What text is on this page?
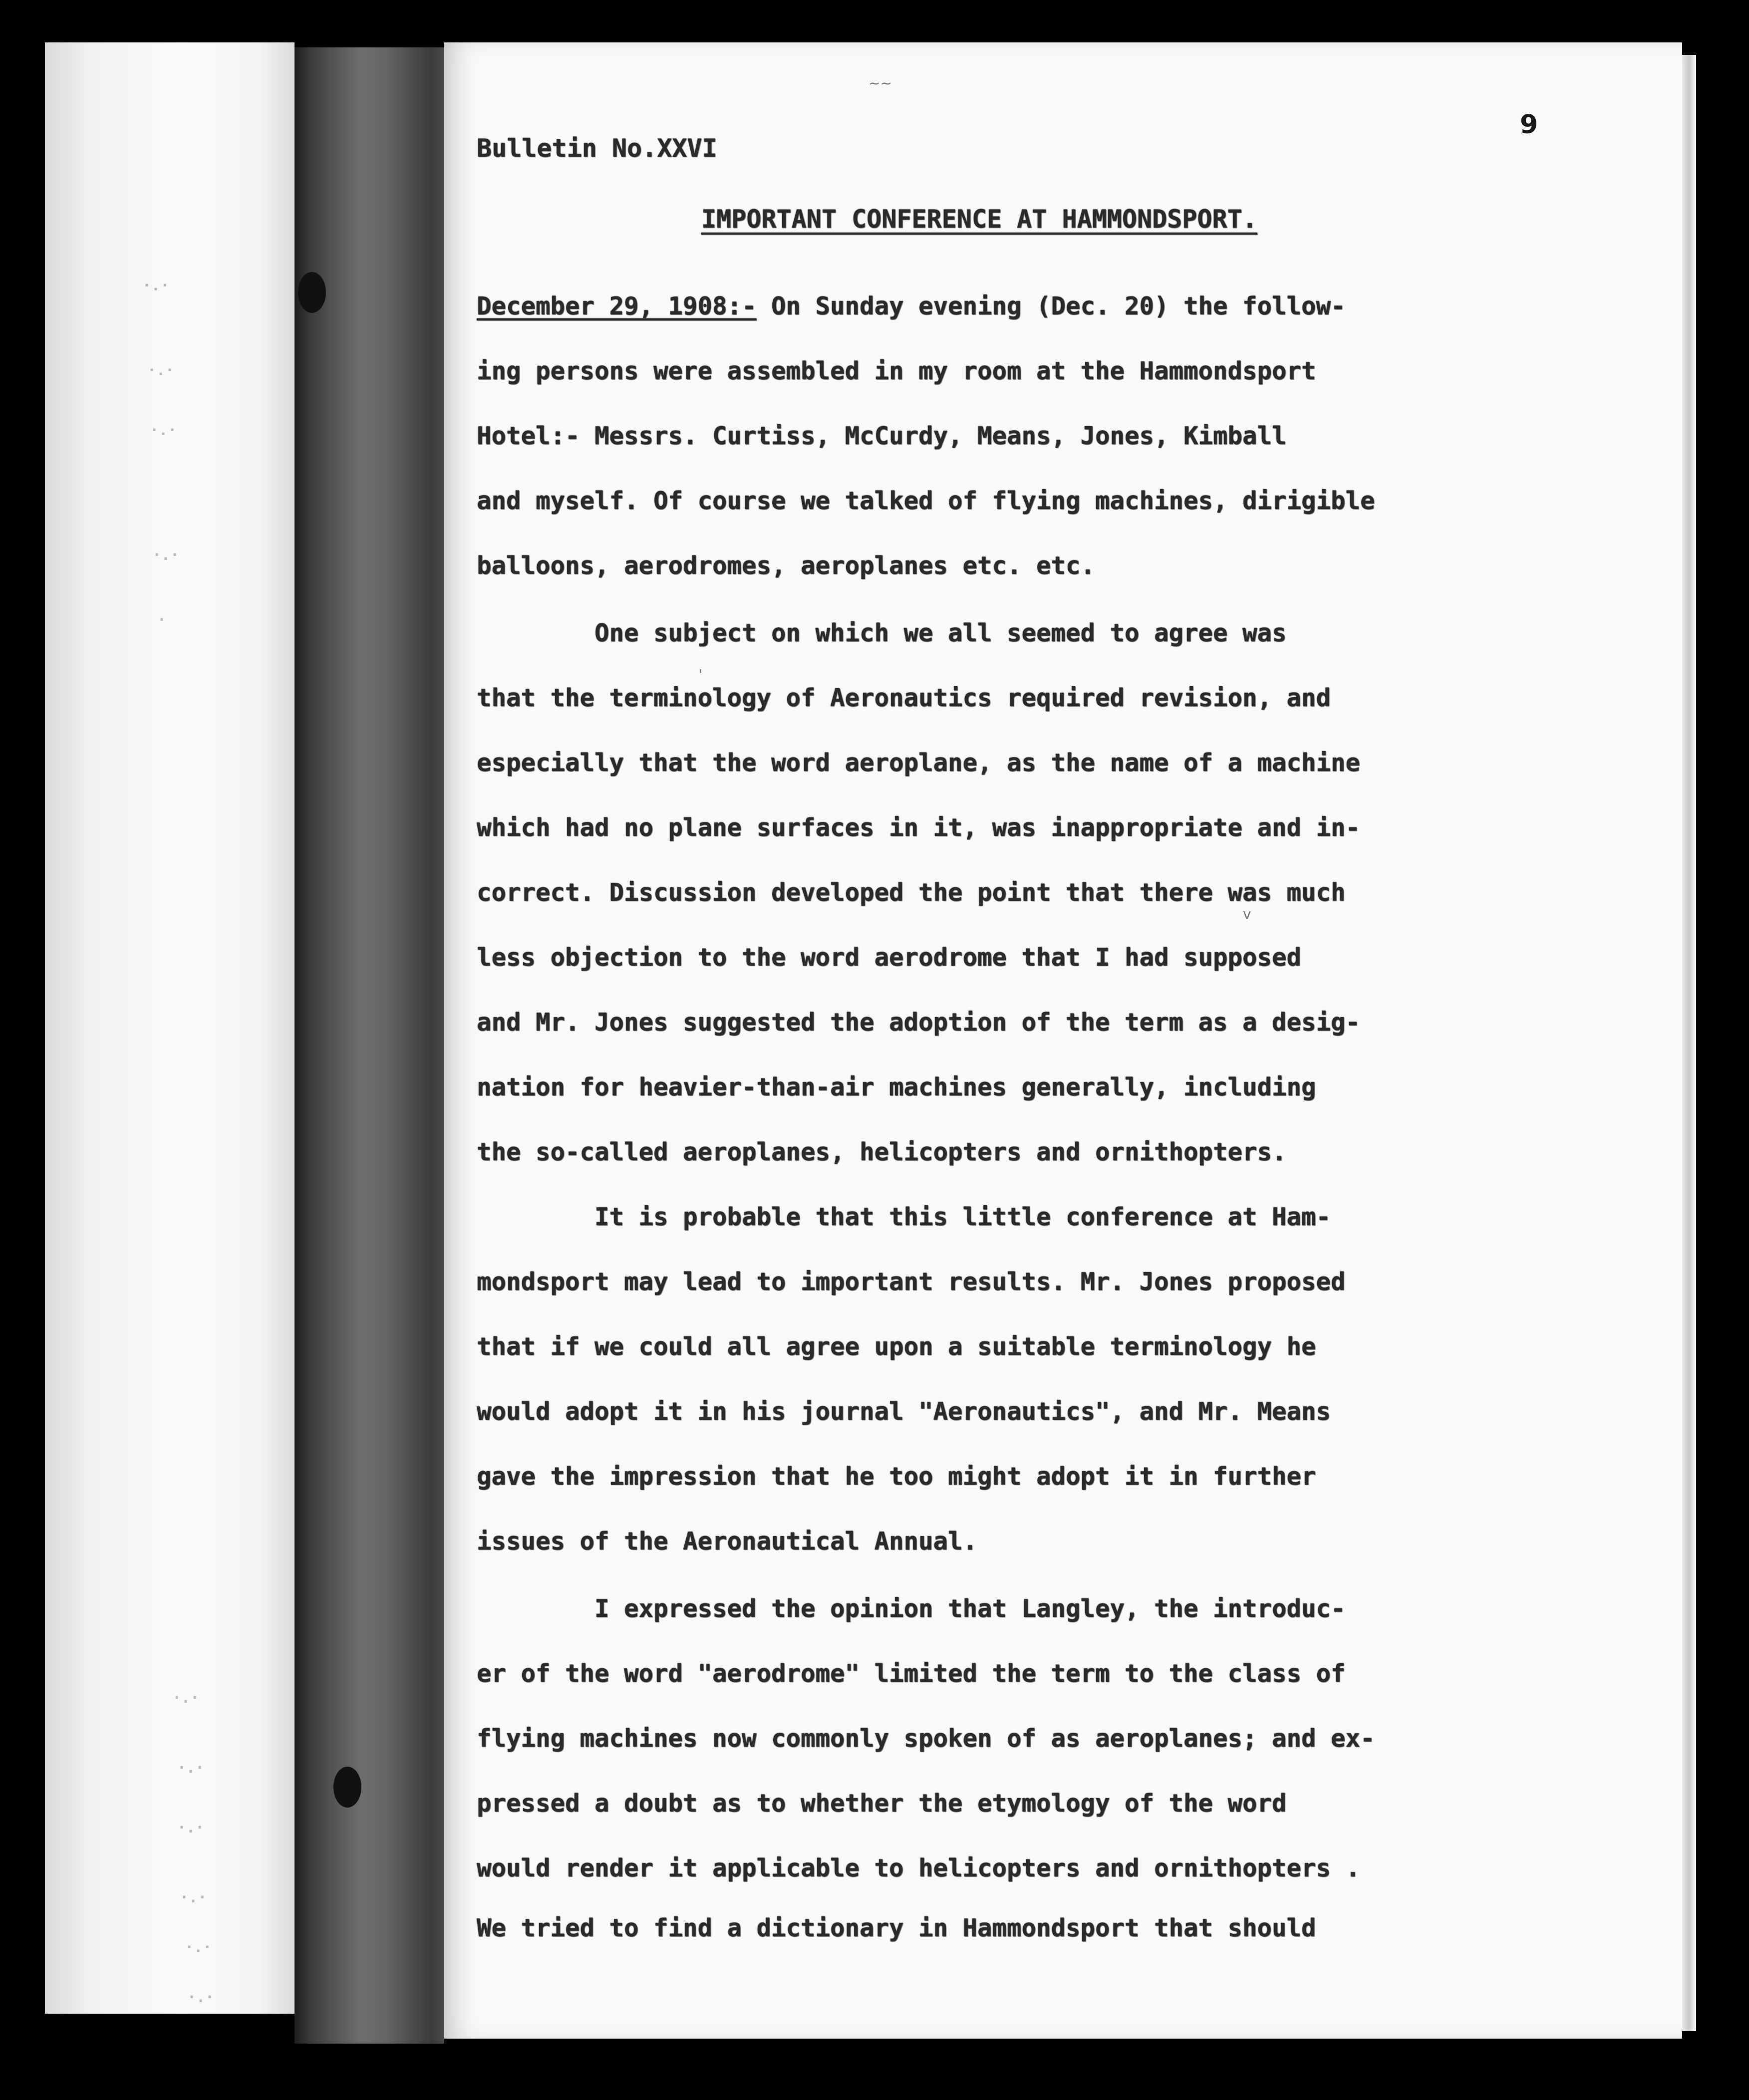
·.·
·.·
·.·
·.·
·
·.·
·.·
·.·
·.·
·.·
·.·
~~
'
v
Bulletin No.XXVI
9
IMPORTANT CONFERENCE AT HAMMONDSPORT.
December 29, 1908:- On Sunday evening (Dec. 20) the follow-
ing persons were assembled in my room at the Hammondsport
Hotel:- Messrs. Curtiss, McCurdy, Means, Jones, Kimball
and myself. Of course we talked of flying machines, dirigible
balloons, aerodromes, aeroplanes etc. etc.
One subject on which we all seemed to agree was
that the terminology of Aeronautics required revision, and
especially that the word aeroplane, as the name of a machine
which had no plane surfaces in it, was inappropriate and in-
correct. Discussion developed the point that there was much
less objection to the word aerodrome that I had supposed
and Mr. Jones suggested the adoption of the term as a desig-
nation for heavier-than-air machines generally, including
the so-called aeroplanes, helicopters and ornithopters.
It is probable that this little conference at Ham-
mondsport may lead to important results. Mr. Jones proposed
that if we could all agree upon a suitable terminology he
would adopt it in his journal "Aeronautics", and Mr. Means
gave the impression that he too might adopt it in further
issues of the Aeronautical Annual.
I expressed the opinion that Langley, the introduc-
er of the word "aerodrome" limited the term to the class of
flying machines now commonly spoken of as aeroplanes; and ex-
pressed a doubt as to whether the etymology of the word
would render it applicable to helicopters and ornithopters .
We tried to find a dictionary in Hammondsport that should
